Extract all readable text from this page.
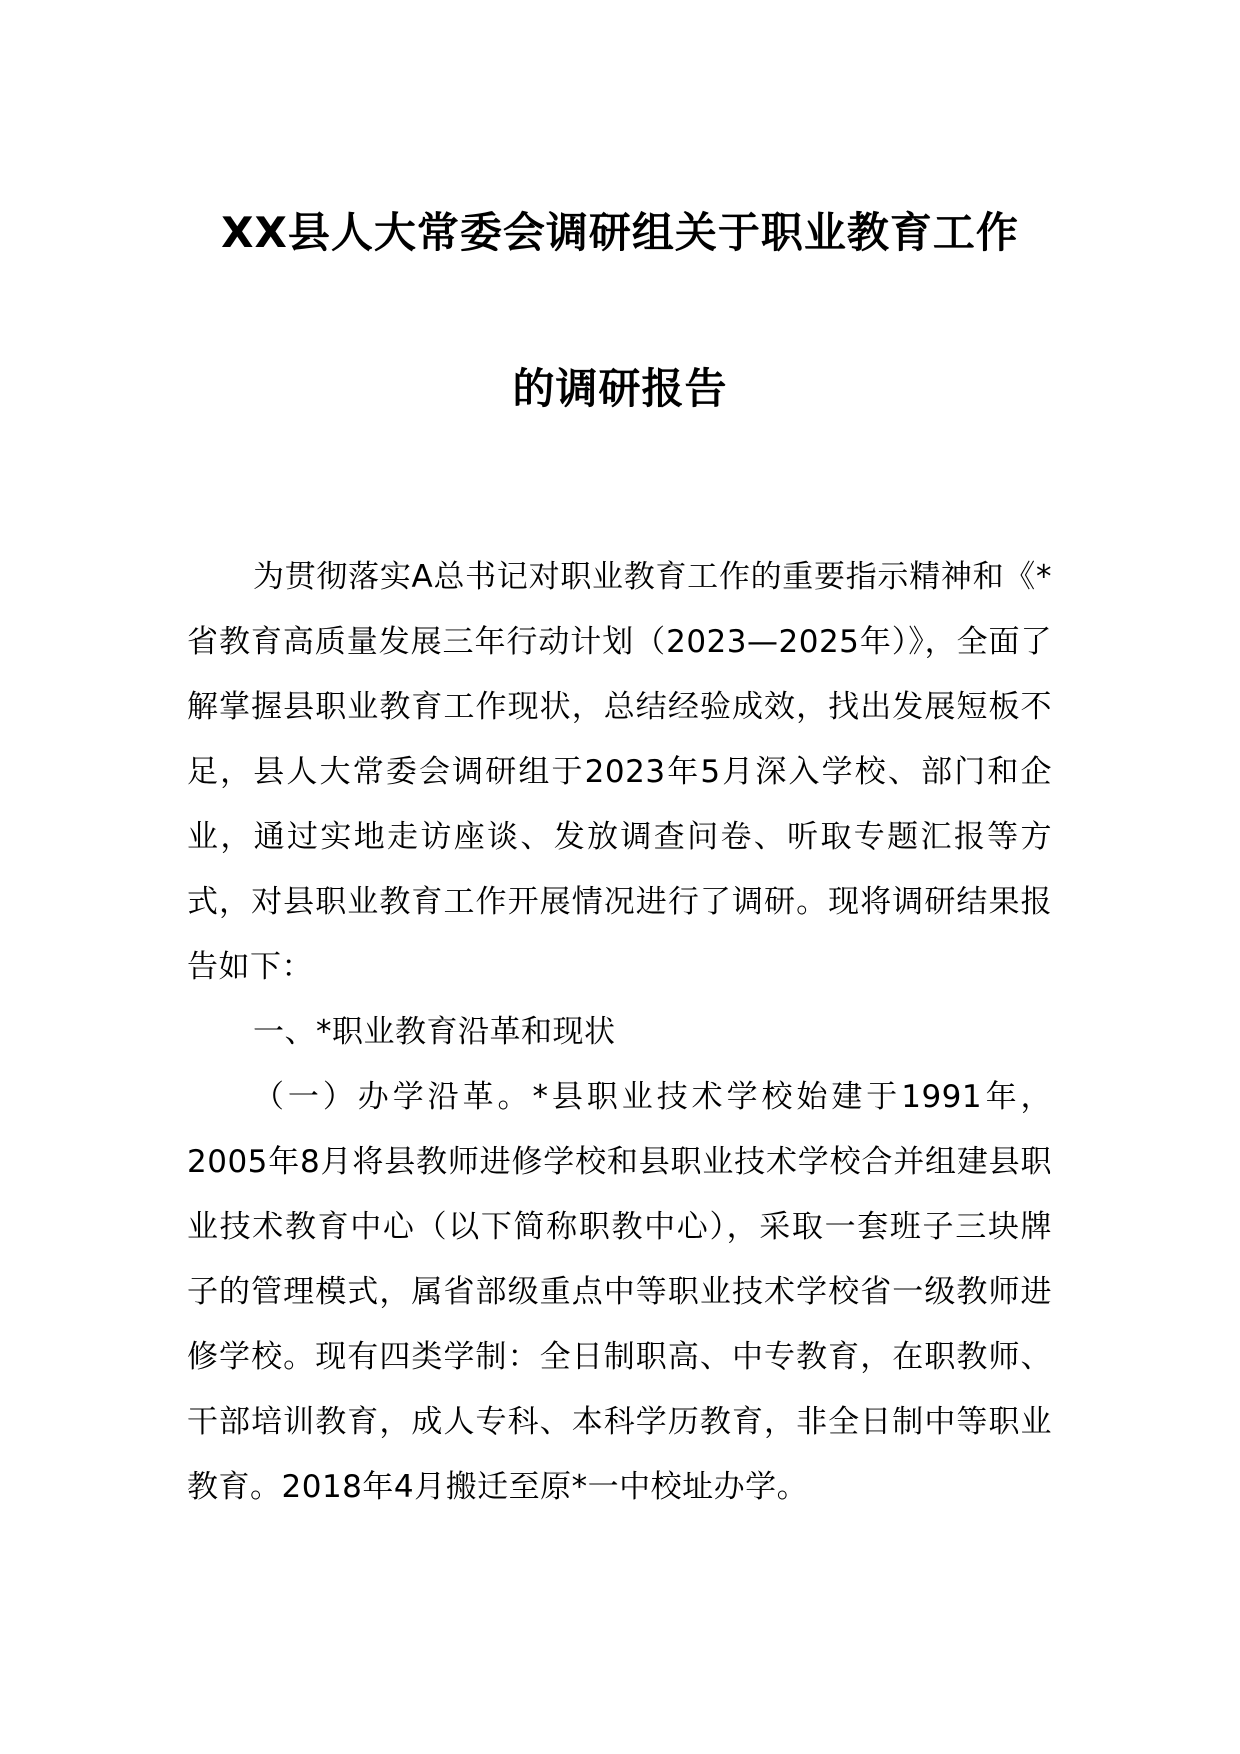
XX县人大常委会调研组关于职业教育工作
的调研报告

为贯彻落实A总书记对职业教育工作的重要指示精神和《*省教育高质量发展三年行动计划（2023—2025年）》，全面了解掌握县职业教育工作现状，总结经验成效，找出发展短板不足，县人大常委会调研组于2023年5月深入学校、部门和企业，通过实地走访座谈、发放调查问卷、听取专题汇报等方式，对县职业教育工作开展情况进行了调研。现将调研结果报告如下：

一、*职业教育沿革和现状

（一）办学沿革。*县职业技术学校始建于1991年，2005年8月将县教师进修学校和县职业技术学校合并组建县职业技术教育中心（以下简称职教中心），采取一套班子三块牌子的管理模式，属省部级重点中等职业技术学校省一级教师进修学校。现有四类学制：全日制职高、中专教育，在职教师、干部培训教育，成人专科、本科学历教育，非全日制中等职业教育。2018年4月搬迁至原*一中校址办学。
